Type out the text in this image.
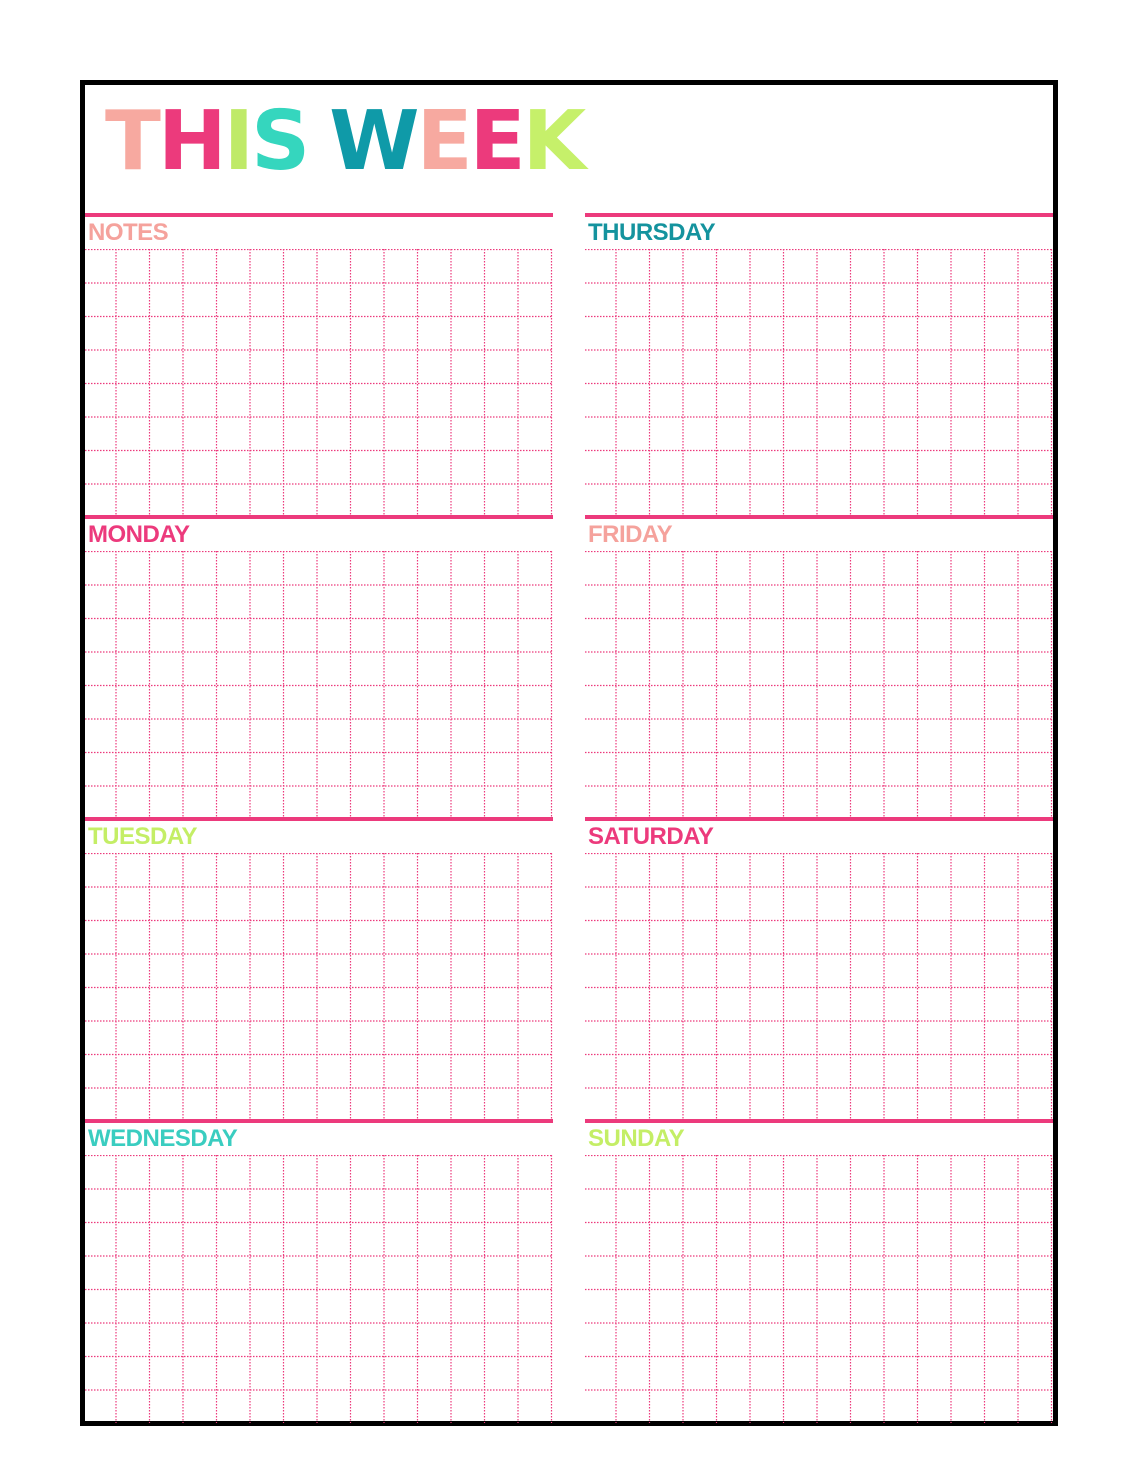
THIS WEEK
NOTES	THURSDAY
MONDAY	FRIDAY
TUESDAY	SATURDAY
WEDNESDAY	SUNDAY
